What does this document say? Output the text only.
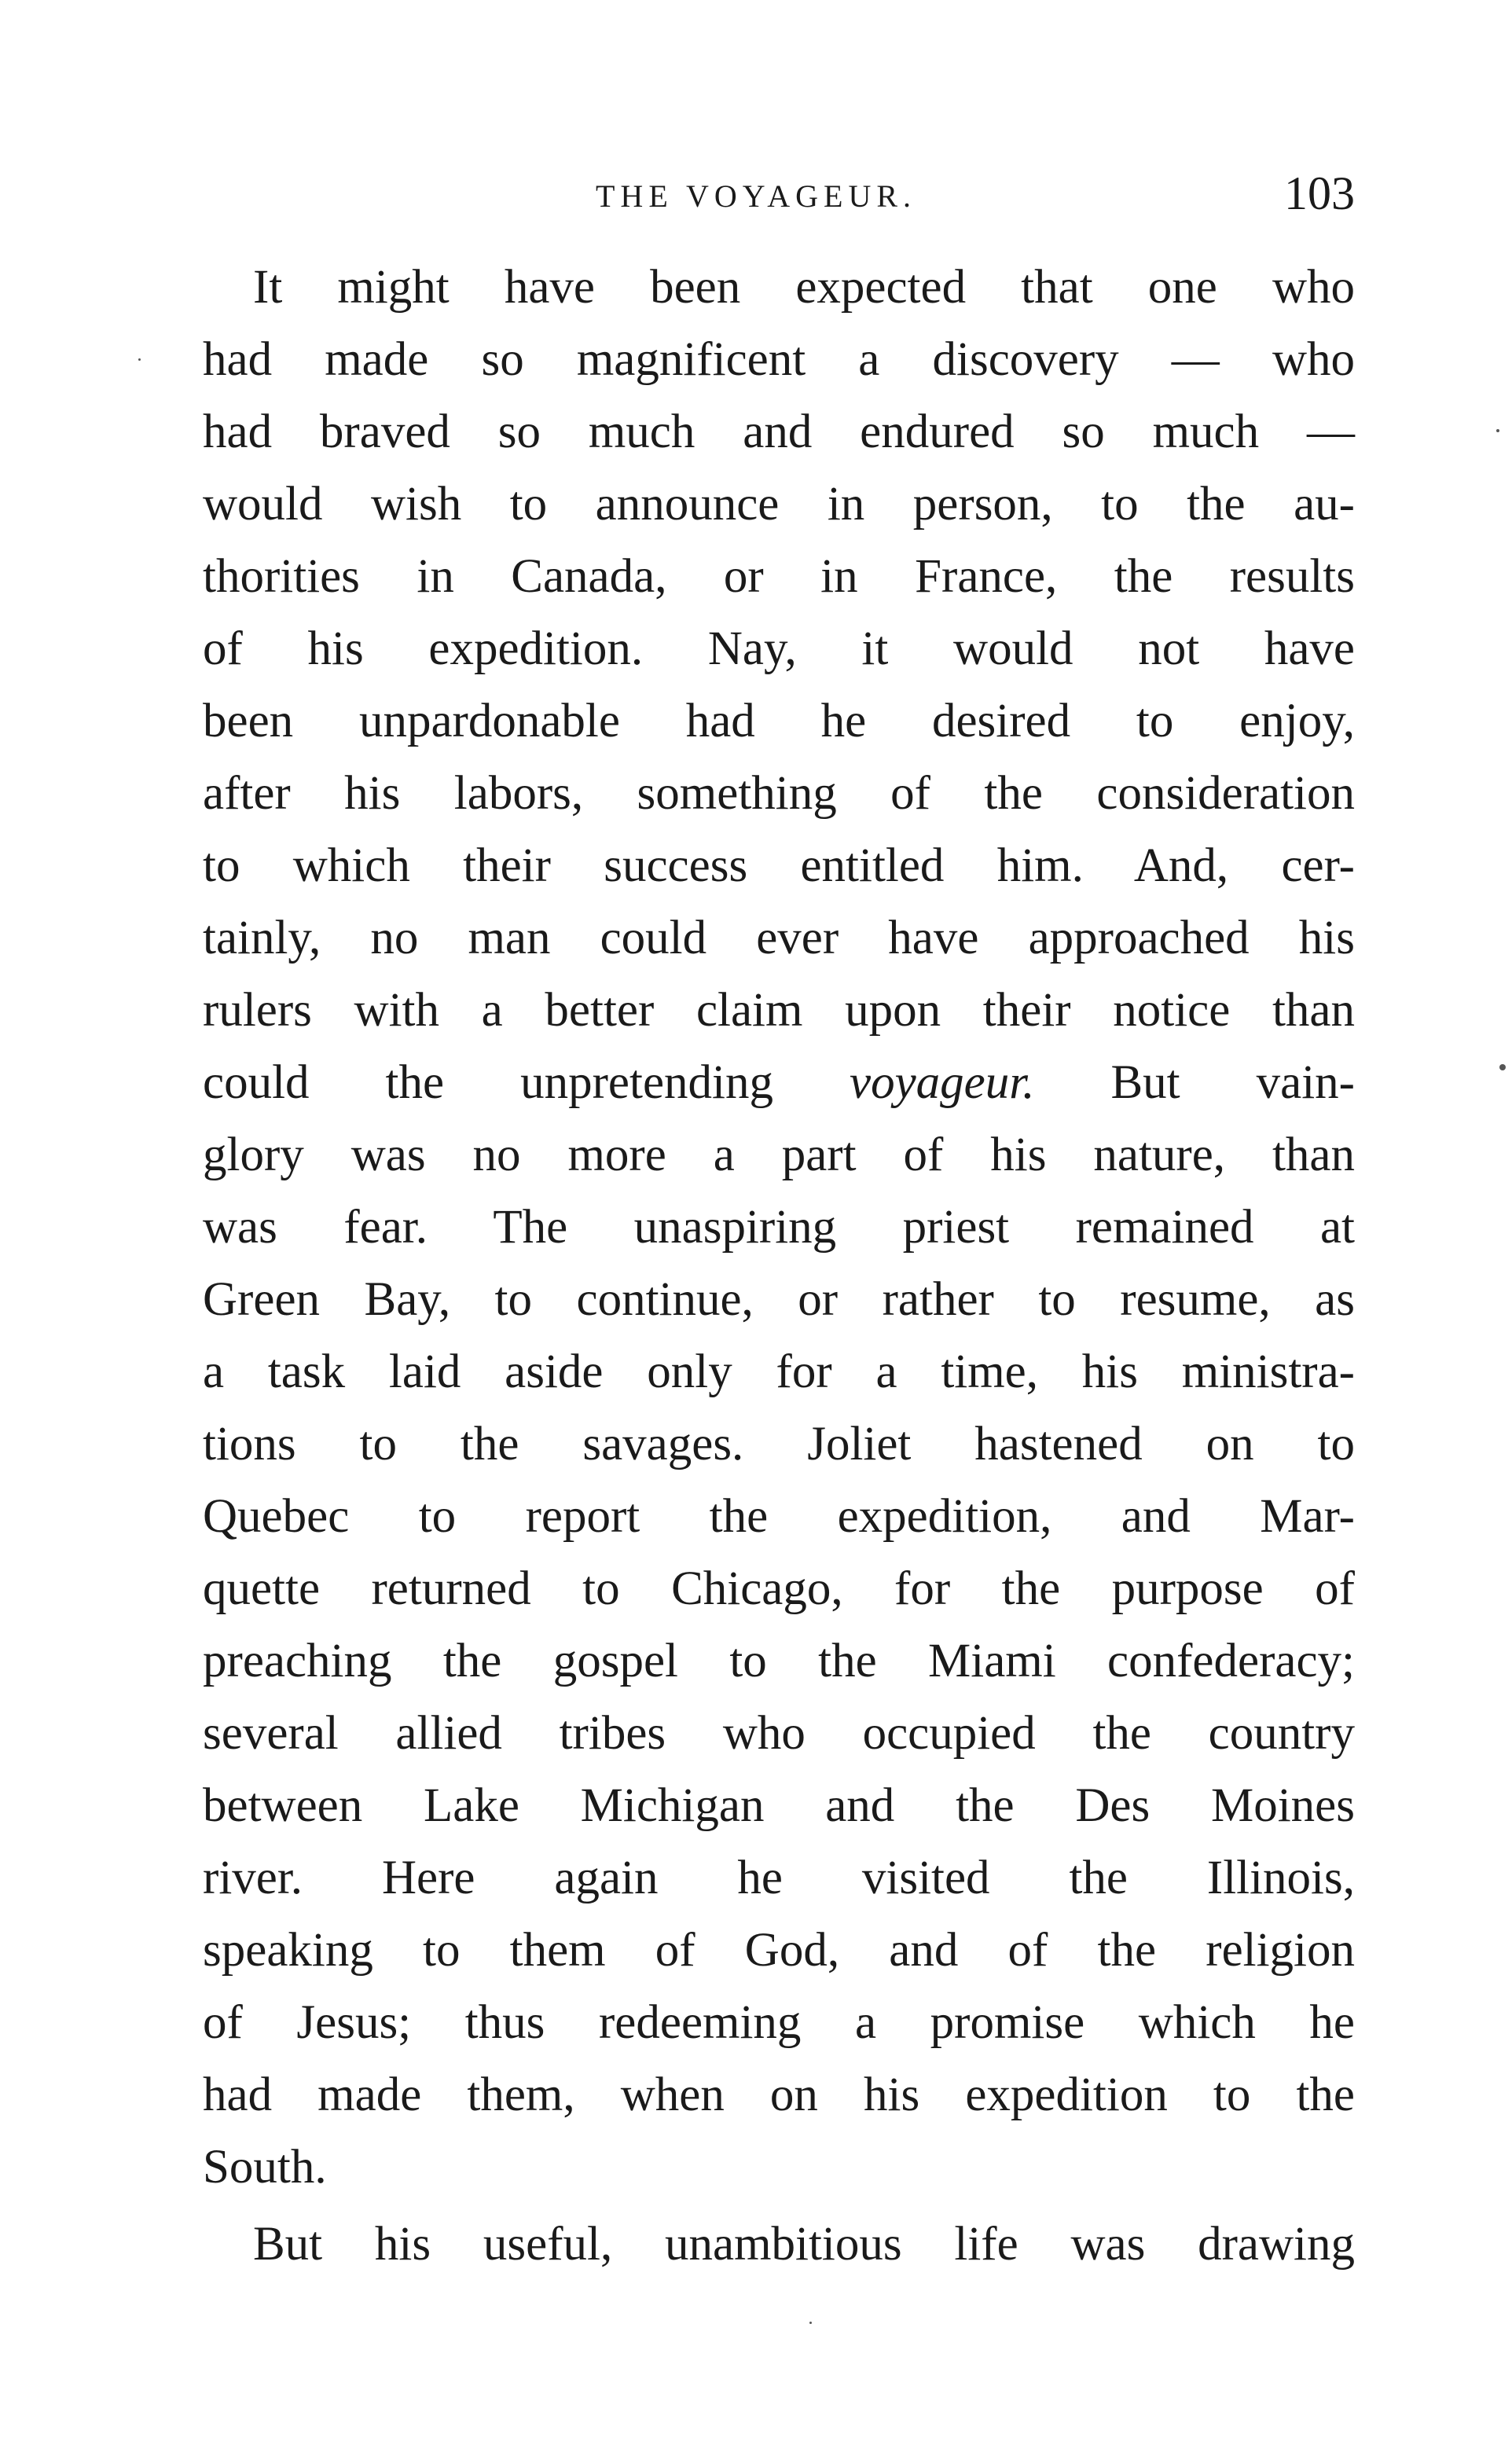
THE VOYAGEUR.	103
It might have been expected that one who
had made so magnificent a discovery — who
had braved so much and endured so much —
would wish to announce in person, to the au-
thorities in Canada, or in France, the results
of his expedition. Nay, it would not have
been unpardonable had he desired to enjoy,
after his labors, something of the consideration
to which their success entitled him. And, cer-
tainly, no man could ever have approached his
rulers with a better claim upon their notice than
could the unpretending voyageur. But vain-
glory was no more a part of his nature, than
was fear. The unaspiring priest remained at
Green Bay, to continue, or rather to resume, as
a task laid aside only for a time, his ministra-
tions to the savages. Joliet hastened on to
Quebec to report the expedition, and Mar-
quette returned to Chicago, for the purpose of
preaching the gospel to the Miami confederacy;
several allied tribes who occupied the country
between Lake Michigan and the Des Moines
river. Here again he visited the Illinois,
speaking to them of God, and of the religion
of Jesus; thus redeeming a promise which he
had made them, when on his expedition to the
South.
But his useful, unambitious life was drawing
